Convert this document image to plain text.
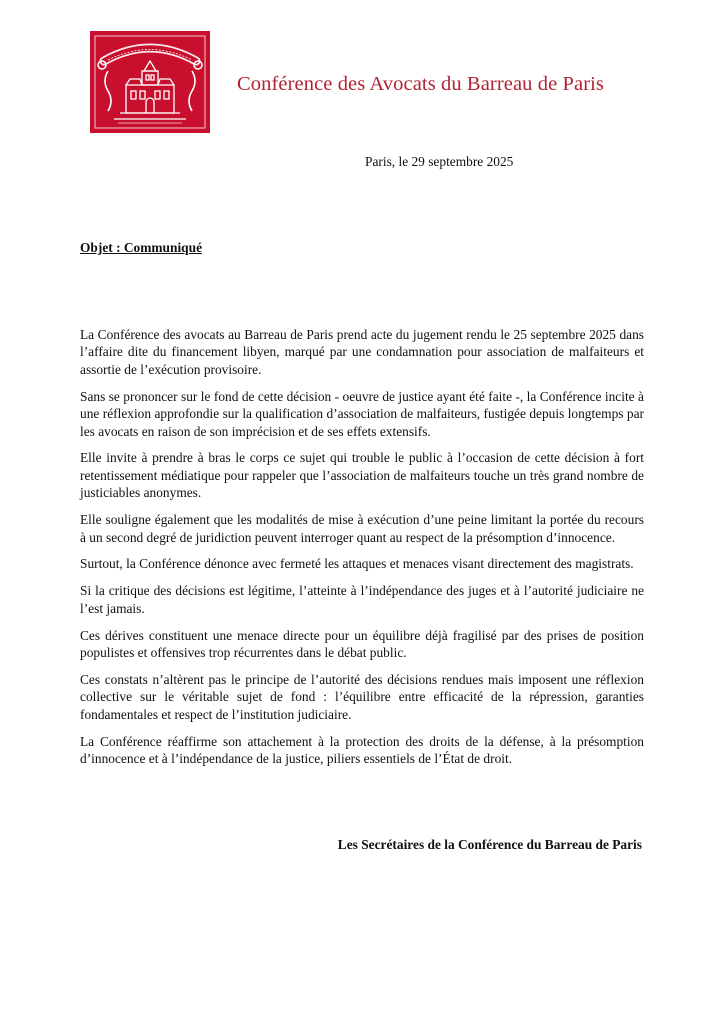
Conférence des Avocats du Barreau de Paris
Paris, le 29 septembre 2025
Objet : Communiqué

La Conférence des avocats au Barreau de Paris prend acte du jugement rendu le 25 septembre 2025 dans l’affaire dite du financement libyen, marqué par une condamnation pour association de malfaiteurs et assortie de l’exécution provisoire.

Sans se prononcer sur le fond de cette décision - oeuvre de justice ayant été faite -, la Conférence incite à une réflexion approfondie sur la qualification d’association de malfaiteurs, fustigée depuis longtemps par les avocats en raison de son imprécision et de ses effets extensifs.

Elle invite à prendre à bras le corps ce sujet qui trouble le public à l’occasion de cette décision à fort retentissement médiatique pour rappeler que l’association de malfaiteurs touche un très grand nombre de justiciables anonymes.

Elle souligne également que les modalités de mise à exécution d’une peine limitant la portée du recours à un second degré de juridiction peuvent interroger quant au respect de la présomption d’innocence.

Surtout, la Conférence dénonce avec fermeté les attaques et menaces visant directement des magistrats.

Si la critique des décisions est légitime, l’atteinte à l’indépendance des juges et à l’autorité judiciaire ne l’est jamais.

Ces dérives constituent une menace directe pour un équilibre déjà fragilisé par des prises de position populistes et offensives trop récurrentes dans le débat public.

Ces constats n’altèrent pas le principe de l’autorité des décisions rendues mais imposent une réflexion collective sur le véritable sujet de fond : l’équilibre entre efficacité de la répression, garanties fondamentales et respect de l’institution judiciaire.

La Conférence réaffirme son attachement à la protection des droits de la défense, à la présomption d’innocence et à l’indépendance de la justice, piliers essentiels de l’État de droit.

Les Secrétaires de la Conférence du Barreau de Paris
